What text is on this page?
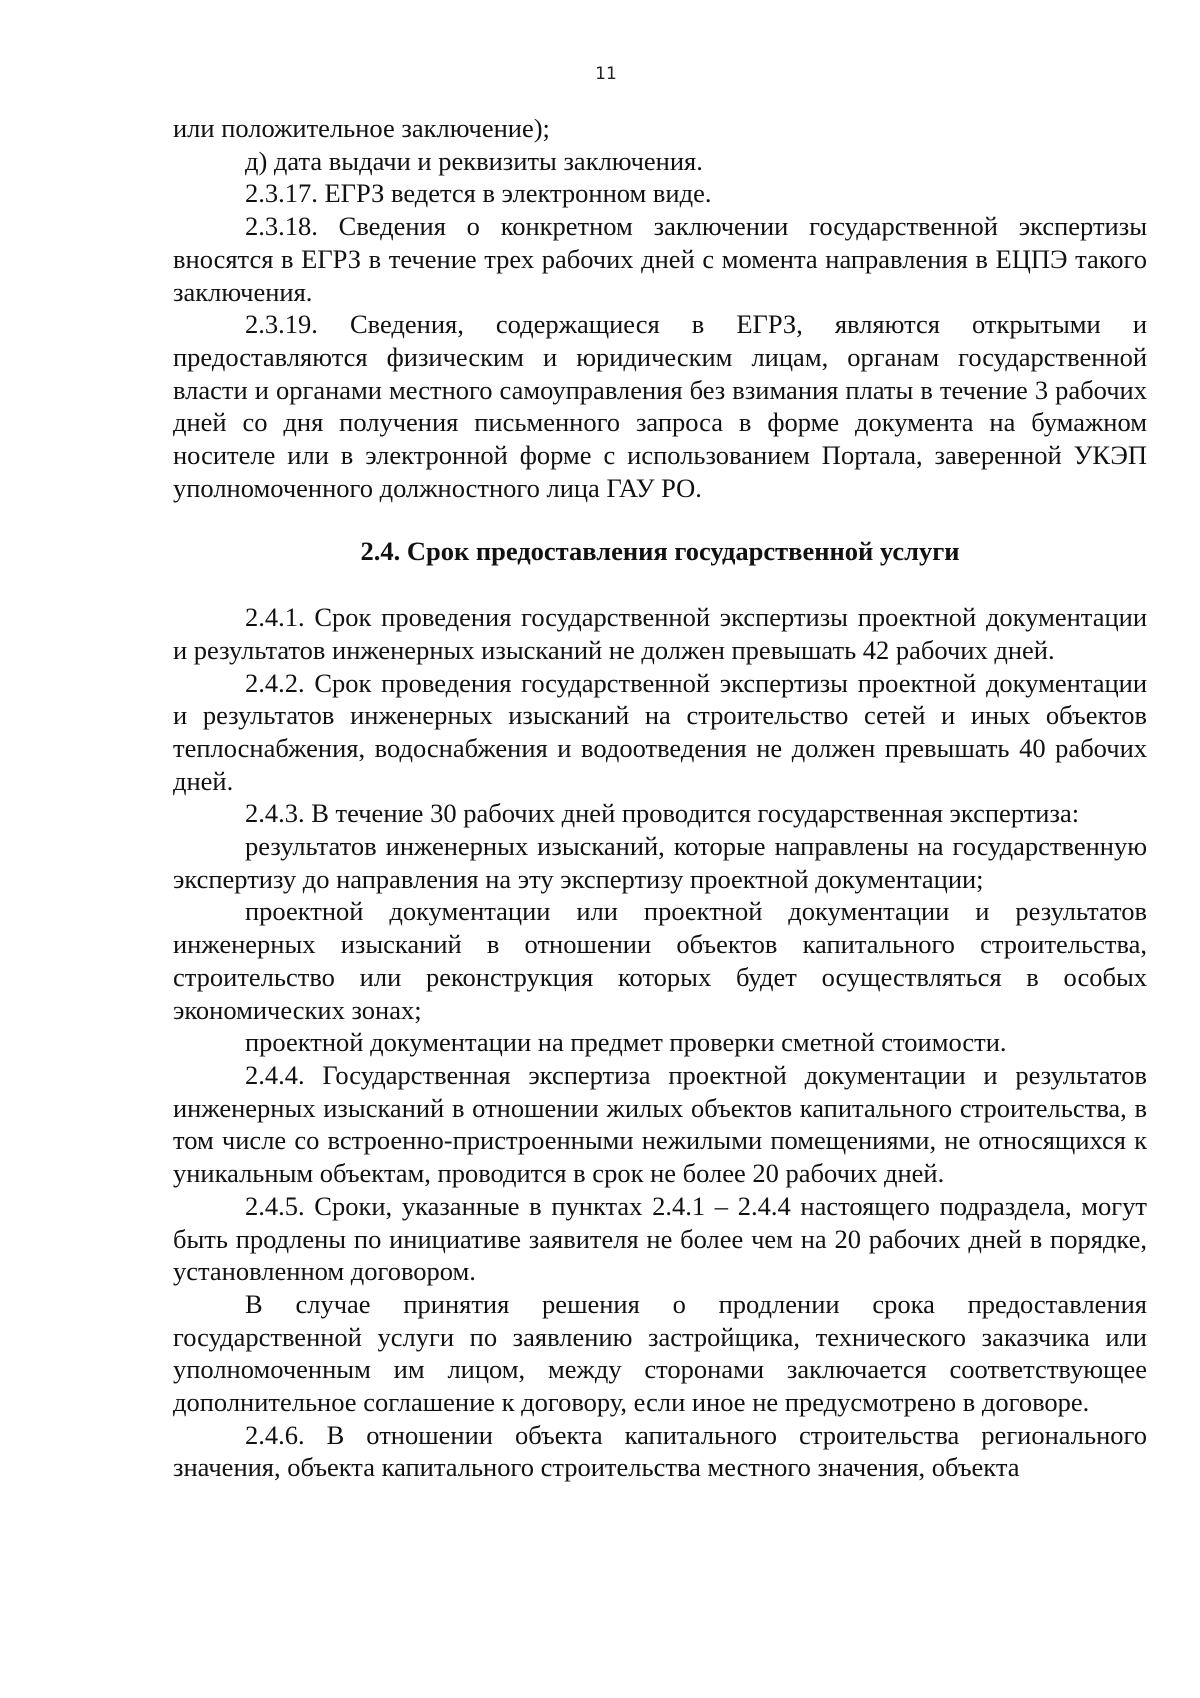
11

или положительное заключение);

д) дата выдачи и реквизиты заключения.

2.3.17. ЕГРЗ ведется в электронном виде.

2.3.18. Сведения о конкретном заключении государственной экспертизы вносятся в ЕГРЗ в течение трех рабочих дней с момента направления в ЕЦПЭ такого заключения.

2.3.19. Сведения, содержащиеся в ЕГРЗ, являются открытыми и предоставляются физическим и юридическим лицам, органам государственной власти и органами местного самоуправления без взимания платы в течение 3 рабочих дней со дня получения письменного запроса в форме документа на бумажном носителе или в электронной форме с использованием Портала, заверенной УКЭП уполномоченного должностного лица ГАУ РО.

2.4. Срок предоставления государственной услуги

2.4.1. Срок проведения государственной экспертизы проектной документации и результатов инженерных изысканий не должен превышать 42 рабочих дней.

2.4.2. Срок проведения государственной экспертизы проектной документации и результатов инженерных изысканий на строительство сетей и иных объектов теплоснабжения, водоснабжения и водоотведения не должен превышать 40 рабочих дней.

2.4.3. В течение 30 рабочих дней проводится государственная экспертиза:

результатов инженерных изысканий, которые направлены на государственную экспертизу до направления на эту экспертизу проектной документации;

проектной документации или проектной документации и результатов инженерных изысканий в отношении объектов капитального строительства, строительство или реконструкция которых будет осуществляться в особых экономических зонах;

проектной документации на предмет проверки сметной стоимости.

2.4.4. Государственная экспертиза проектной документации и результатов инженерных изысканий в отношении жилых объектов капитального строительства, в том числе со встроенно-пристроенными нежилыми помещениями, не относящихся к уникальным объектам, проводится в срок не более 20 рабочих дней.

2.4.5. Сроки, указанные в пунктах 2.4.1 – 2.4.4 настоящего подраздела, могут быть продлены по инициативе заявителя не более чем на 20 рабочих дней в порядке, установленном договором.

В случае принятия решения о продлении срока предоставления государственной услуги по заявлению застройщика, технического заказчика или уполномоченным им лицом, между сторонами заключается соответствующее дополнительное соглашение к договору, если иное не предусмотрено в договоре.

2.4.6. В отношении объекта капитального строительства регионального значения, объекта капитального строительства местного значения, объекта
